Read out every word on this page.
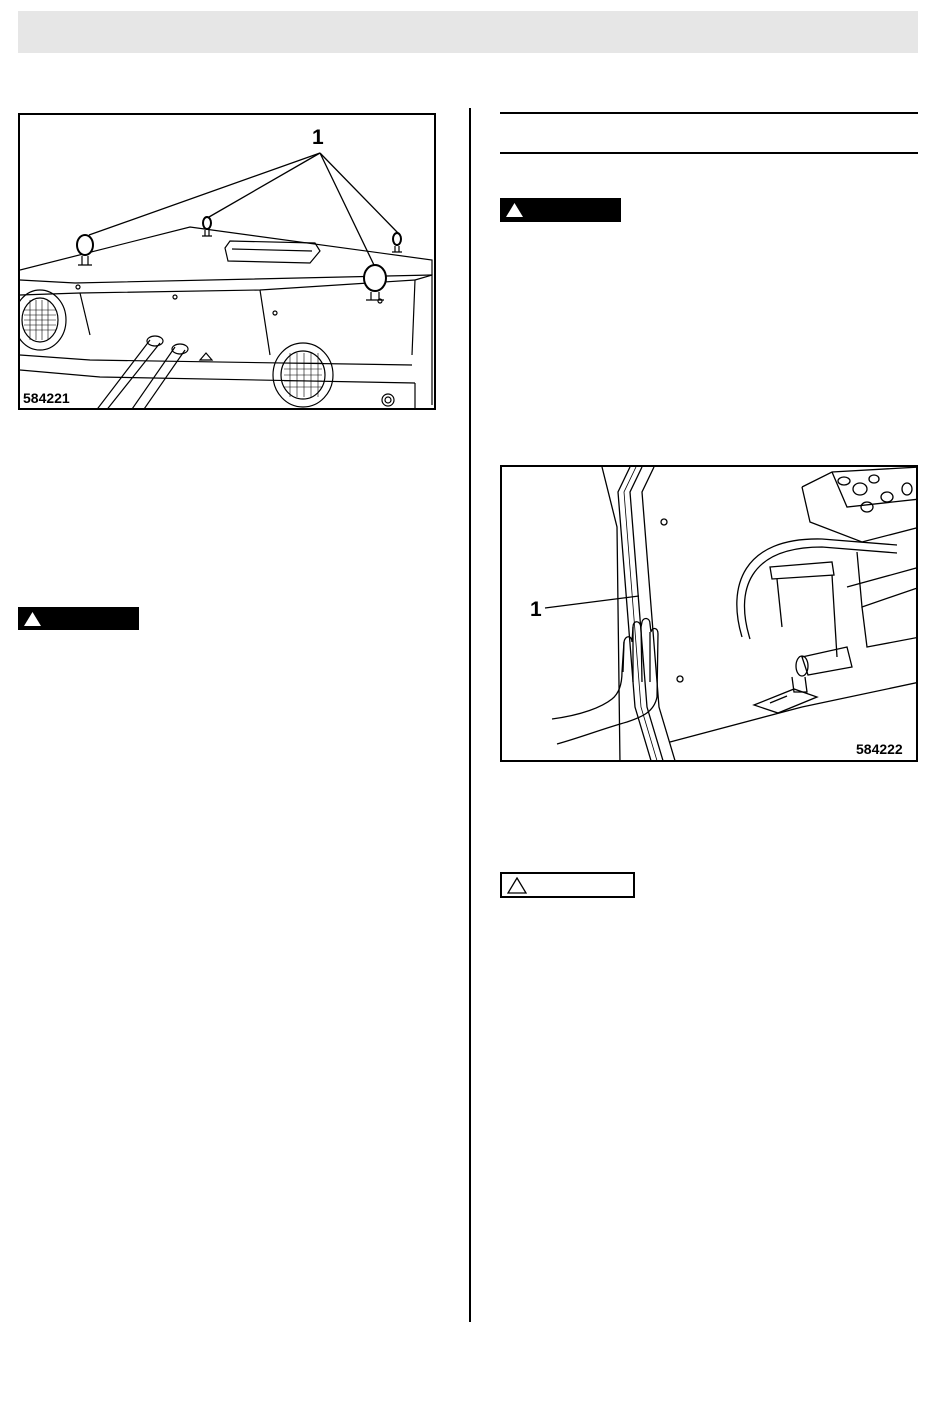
1
584221
1
584222
